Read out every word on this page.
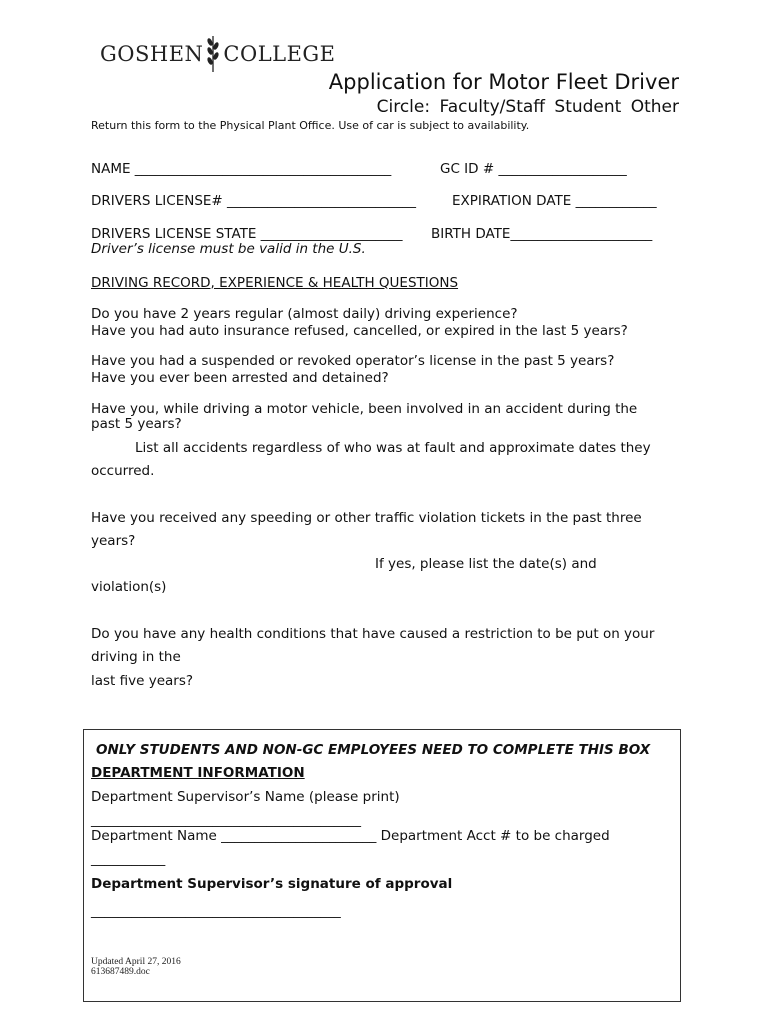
GOSHEN COLLEGE
Application for Motor Fleet Driver
Circle: Faculty/Staff Student Other
Return this form to the Physical Plant Office. Use of car is subject to availability.
NAME ______________________________________	GC ID # ___________________
DRIVERS LICENSE# ____________________________	EXPIRATION DATE ____________
DRIVERS LICENSE STATE _____________________ BIRTH DATE_____________________
Driver’s license must be valid in the U.S.
DRIVING RECORD, EXPERIENCE & HEALTH QUESTIONS
Do you have 2 years regular (almost daily) driving experience?
Have you had auto insurance refused, cancelled, or expired in the last 5 years?
Have you had a suspended or revoked operator’s license in the past 5 years?
Have you ever been arrested and detained?
Have you, while driving a motor vehicle, been involved in an accident during the
past 5 years?
List all accidents regardless of who was at fault and approximate dates they
occurred.
Have you received any speeding or other traffic violation tickets in the past three
years?
If yes, please list the date(s) and
violation(s)
Do you have any health conditions that have caused a restriction to be put on your
driving in the
last five years?
ONLY STUDENTS AND NON-GC EMPLOYEES NEED TO COMPLETE THIS BOX
DEPARTMENT INFORMATION
Department Supervisor’s Name (please print)
________________________________________
Department Name _______________________ Department Acct # to be charged
___________
Department Supervisor’s signature of approval
_____________________________________
Updated April 27, 2016
613687489.doc
